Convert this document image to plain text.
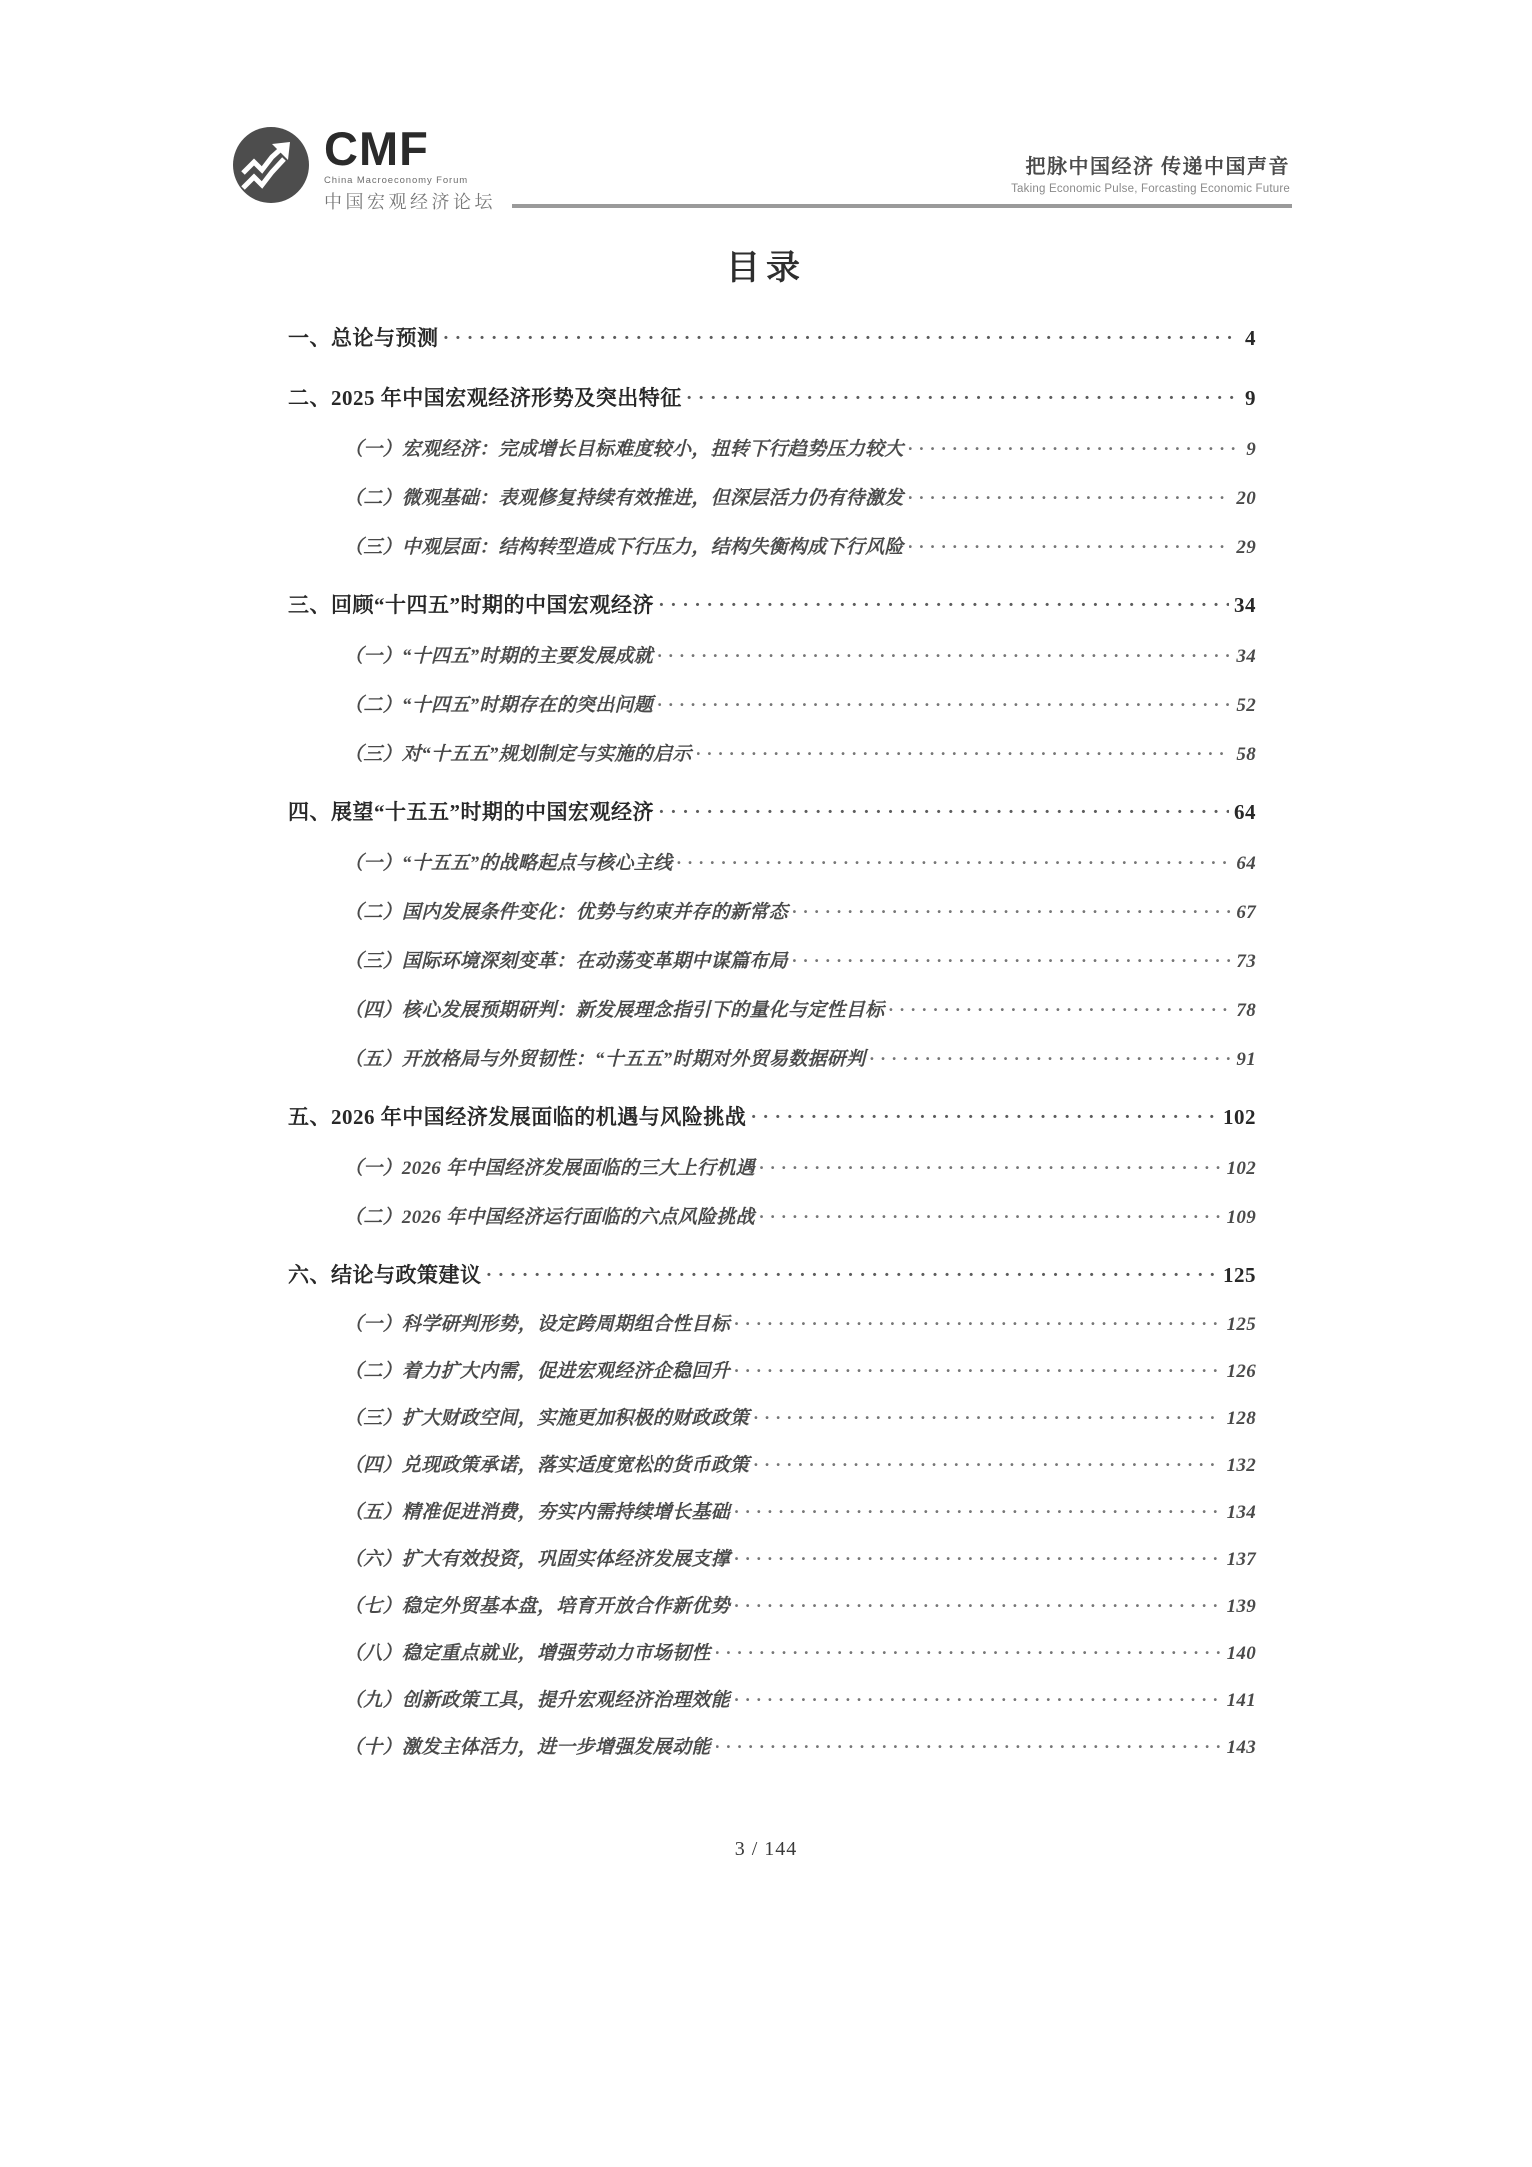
CMF
China Macroeconomy Forum
中国宏观经济论坛
把脉中国经济 传递中国声音
Taking Economic Pulse, Forcasting Economic Future
目录
一、总论与预测 . . .	4
二、2025 年中国宏观经济形势及突出特征 . . .	9
（一）宏观经济：完成增长目标难度较小，扭转下行趋势压力较大 . . .	9
（二）微观基础：表观修复持续有效推进，但深层活力仍有待激发 . . .	20
（三）中观层面：结构转型造成下行压力，结构失衡构成下行风险 . . .	29
三、回顾“十四五”时期的中国宏观经济 . . .	34
（一）“十四五”时期的主要发展成就 . . .	34
（二）“十四五”时期存在的突出问题 . . .	52
（三）对“十五五”规划制定与实施的启示 . . .	58
四、展望“十五五”时期的中国宏观经济 . . .	64
（一）“十五五”的战略起点与核心主线 . . .	64
（二）国内发展条件变化：优势与约束并存的新常态 . . .	67
（三）国际环境深刻变革：在动荡变革期中谋篇布局 . . .	73
（四）核心发展预期研判：新发展理念指引下的量化与定性目标 . . .	78
（五）开放格局与外贸韧性：“十五五”时期对外贸易数据研判 . . .	91
五、2026 年中国经济发展面临的机遇与风险挑战 . . .	102
（一）2026 年中国经济发展面临的三大上行机遇 . . .	102
（二）2026 年中国经济运行面临的六点风险挑战 . . .	109
六、结论与政策建议 . . .	125
（一）科学研判形势，设定跨周期组合性目标 . . .	125
（二）着力扩大内需，促进宏观经济企稳回升 . . .	126
（三）扩大财政空间，实施更加积极的财政政策 . . .	128
（四）兑现政策承诺，落实适度宽松的货币政策 . . .	132
（五）精准促进消费，夯实内需持续增长基础 . . .	134
（六）扩大有效投资，巩固实体经济发展支撑 . . .	137
（七）稳定外贸基本盘，培育开放合作新优势 . . .	139
（八）稳定重点就业，增强劳动力市场韧性 . . .	140
（九）创新政策工具，提升宏观经济治理效能 . . .	141
（十）激发主体活力，进一步增强发展动能 . . .	143
3 / 144
